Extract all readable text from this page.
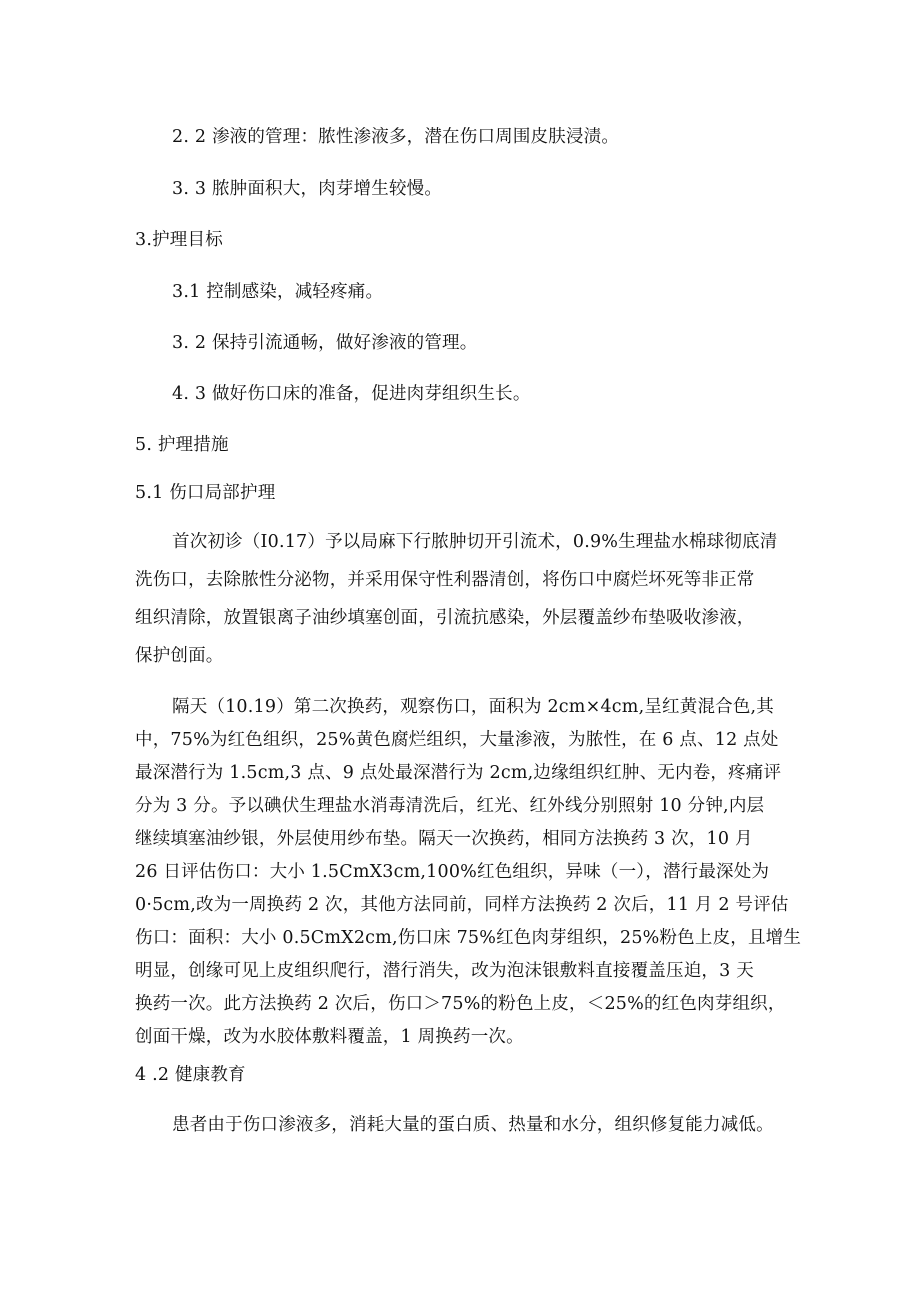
2. 2 渗液的管理：脓性渗液多，潜在伤口周围皮肤浸渍。
3. 3 脓肿面积大，肉芽增生较慢。
3.护理目标
3.1 控制感染，减轻疼痛。
3. 2 保持引流通畅，做好渗液的管理。
4. 3 做好伤口床的准备，促进肉芽组织生长。
5. 护理措施
5.1 伤口局部护理
首次初诊（I0.17）予以局麻下行脓肿切开引流术，0.9%生理盐水棉球彻底清
洗伤口，去除脓性分泌物，并采用保守性利器清创，将伤口中腐烂坏死等非正常
组织清除，放置银离子油纱填塞创面，引流抗感染，外层覆盖纱布垫吸收渗液，
保护创面。
隔天（10.19）第二次换药，观察伤口，面积为 2cm×4cm,呈红黄混合色,其
中，75%为红色组织，25%黄色腐烂组织，大量渗液，为脓性，在 6 点、12 点处
最深潜行为 1.5cm,3 点、9 点处最深潜行为 2cm,边缘组织红肿、无内卷，疼痛评
分为 3 分。予以碘伏生理盐水消毒清洗后，红光、红外线分别照射 10 分钟,内层
继续填塞油纱银，外层使用纱布垫。隔天一次换药，相同方法换药 3 次，10 月
26 日评估伤口：大小 1.5CmX3cm,100%红色组织，异味（一），潜行最深处为
0·5cm,改为一周换药 2 次，其他方法同前，同样方法换药 2 次后，11 月 2 号评估
伤口：面积：大小 0.5CmX2cm,伤口床 75%红色肉芽组织，25%粉色上皮，且增生
明显，创缘可见上皮组织爬行，潜行消失，改为泡沫银敷料直接覆盖压迫，3 天
换药一次。此方法换药 2 次后，伤口＞75%的粉色上皮，＜25%的红色肉芽组织，
创面干燥，改为水胶体敷料覆盖，1 周换药一次。
4 .2 健康教育
患者由于伤口渗液多，消耗大量的蛋白质、热量和水分，组织修复能力减低。
